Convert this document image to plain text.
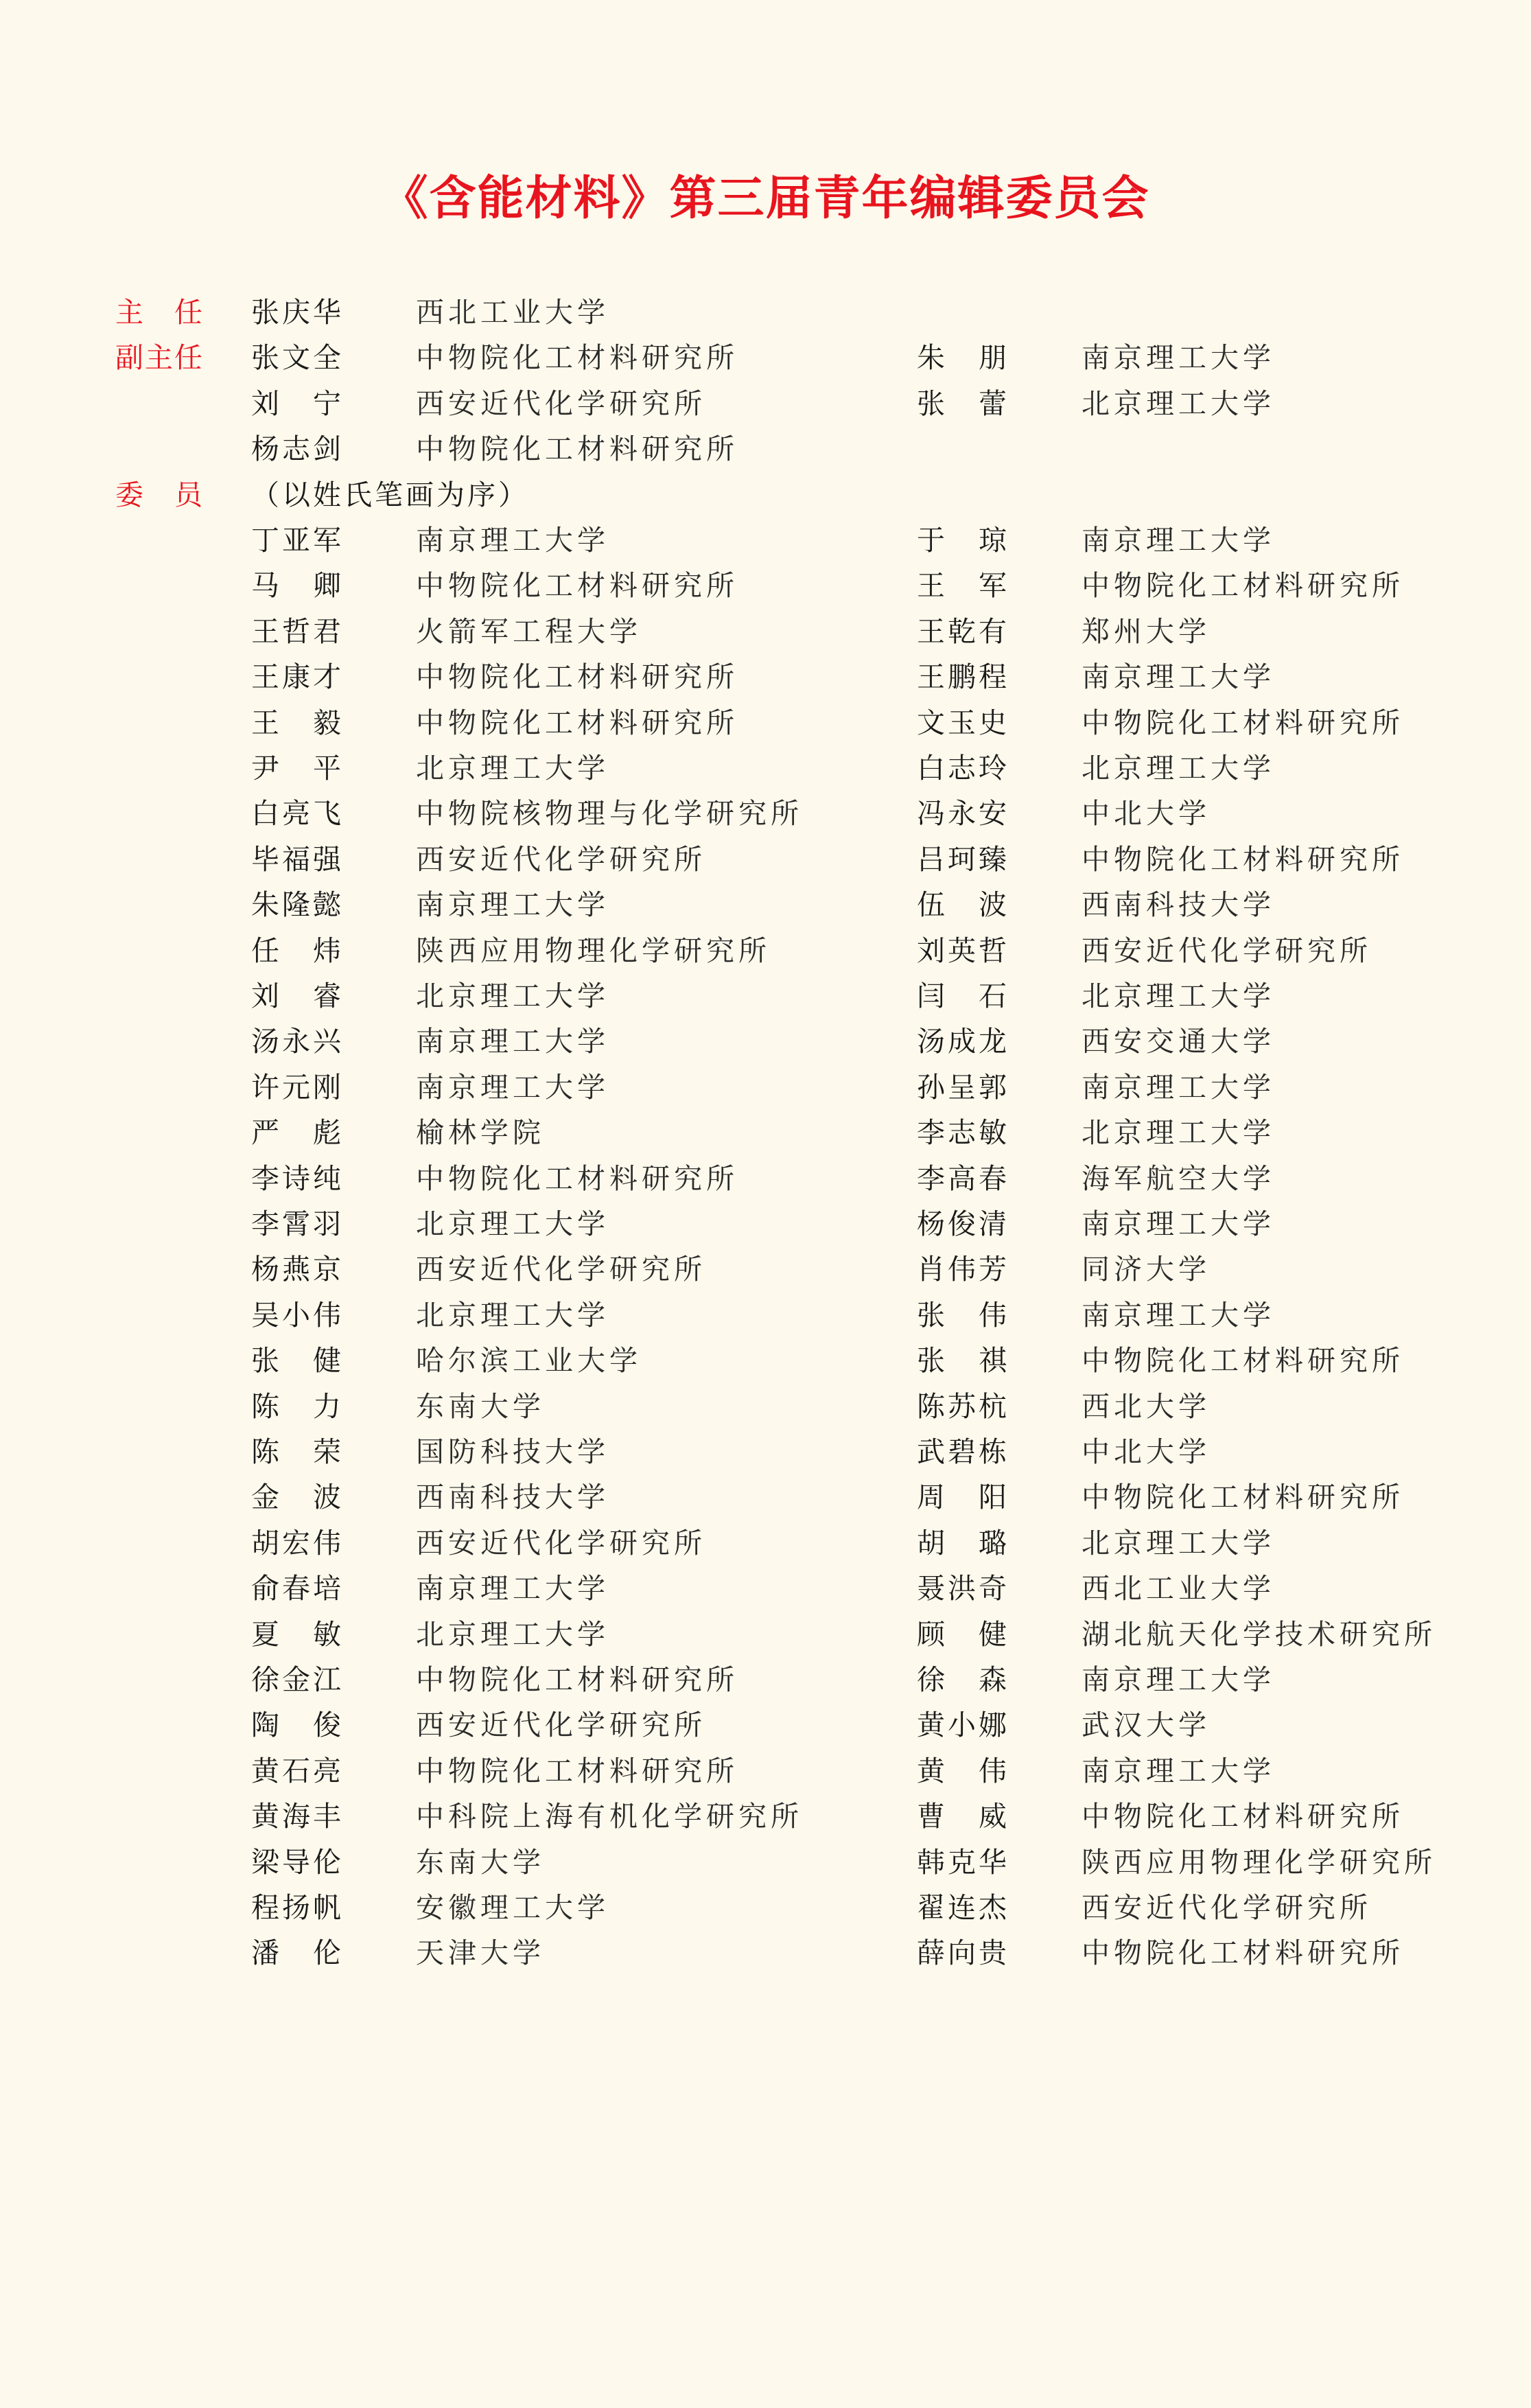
《含能材料》第三届青年编辑委员会
主　任 张庆华	西北工业大学
副主任 张文全	中物院化工材料研究所	朱　朋	南京理工大学
刘　宁	西安近代化学研究所	张　蕾	北京理工大学
杨志剑	中物院化工材料研究所
委　员 （以姓氏笔画为序）
丁亚军	南京理工大学	于　琼	南京理工大学
马　卿	中物院化工材料研究所	王　军	中物院化工材料研究所
王哲君	火箭军工程大学	王乾有	郑州大学
王康才	中物院化工材料研究所	王鹏程	南京理工大学
王　毅	中物院化工材料研究所	文玉史	中物院化工材料研究所
尹　平	北京理工大学	白志玲	北京理工大学
白亮飞	中物院核物理与化学研究所	冯永安	中北大学
毕福强	西安近代化学研究所	吕珂臻	中物院化工材料研究所
朱隆懿	南京理工大学	伍　波	西南科技大学
任　炜	陕西应用物理化学研究所	刘英哲	西安近代化学研究所
刘　睿	北京理工大学	闫　石	北京理工大学
汤永兴	南京理工大学	汤成龙	西安交通大学
许元刚	南京理工大学	孙呈郭	南京理工大学
严　彪	榆林学院	李志敏	北京理工大学
李诗纯	中物院化工材料研究所	李高春	海军航空大学
李霄羽	北京理工大学	杨俊清	南京理工大学
杨燕京	西安近代化学研究所	肖伟芳	同济大学
吴小伟	北京理工大学	张　伟	南京理工大学
张　健	哈尔滨工业大学	张　祺	中物院化工材料研究所
陈　力	东南大学	陈苏杭	西北大学
陈　荣	国防科技大学	武碧栋	中北大学
金　波	西南科技大学	周　阳	中物院化工材料研究所
胡宏伟	西安近代化学研究所	胡　璐	北京理工大学
俞春培	南京理工大学	聂洪奇	西北工业大学
夏　敏	北京理工大学	顾　健	湖北航天化学技术研究所
徐金江	中物院化工材料研究所	徐　森	南京理工大学
陶　俊	西安近代化学研究所	黄小娜	武汉大学
黄石亮	中物院化工材料研究所	黄　伟	南京理工大学
黄海丰	中科院上海有机化学研究所	曹　威	中物院化工材料研究所
梁导伦	东南大学	韩克华	陕西应用物理化学研究所
程扬帆	安徽理工大学	翟连杰	西安近代化学研究所
潘　伦	天津大学	薛向贵	中物院化工材料研究所
